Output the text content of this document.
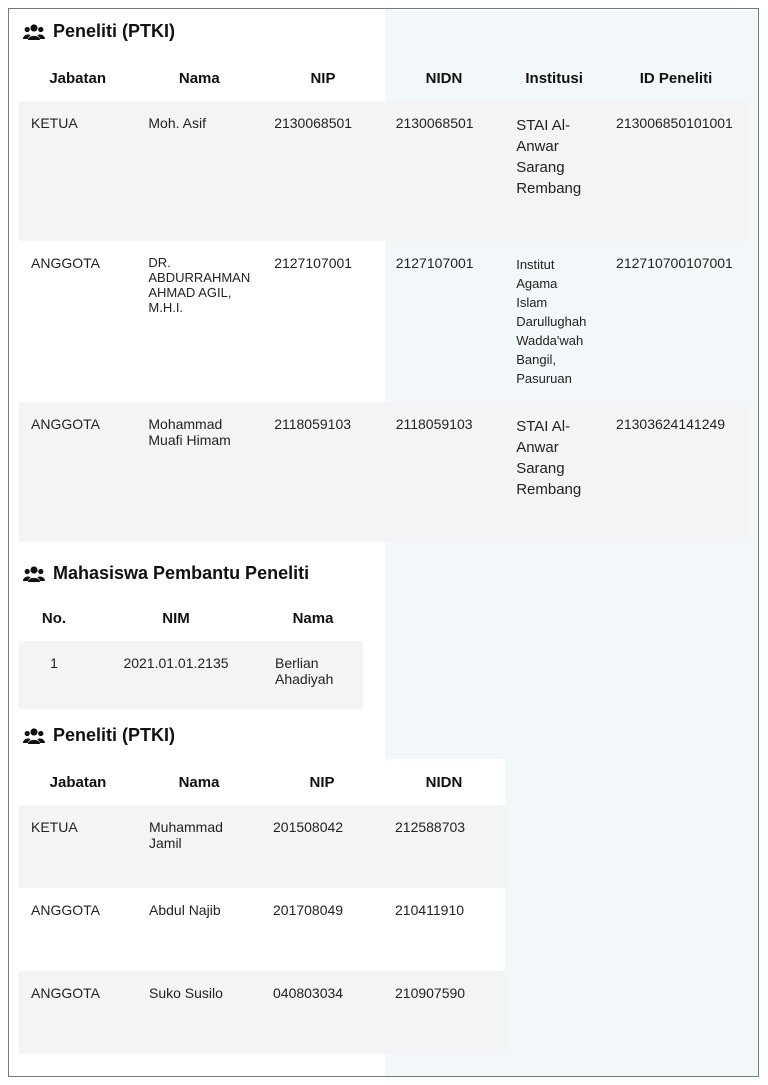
Peneliti (PTKI)
Jabatan	Nama	NIP	NIDN	Institusi	ID Peneliti
KETUA	Moh. Asif	2130068501	2130068501	STAI Al-Anwar Sarang Rembang	213006850101001
ANGGOTA	DR. ABDURRAHMAN AHMAD AGIL, M.H.I.	2127107001	2127107001	Institut Agama Islam Darullughah Wadda'wah Bangil, Pasuruan	212710700107001
ANGGOTA	Mohammad Muafi Himam	2118059103	2118059103	STAI Al-Anwar Sarang Rembang	21303624141249
Mahasiswa Pembantu Peneliti
No.	NIM	Nama
1	2021.01.01.2135	Berlian Ahadiyah
Peneliti (PTKI)
Jabatan	Nama	NIP	NIDN
KETUA	Muhammad Jamil	201508042	212588703
ANGGOTA	Abdul Najib	201708049	210411910
ANGGOTA	Suko Susilo	040803034	210907590
